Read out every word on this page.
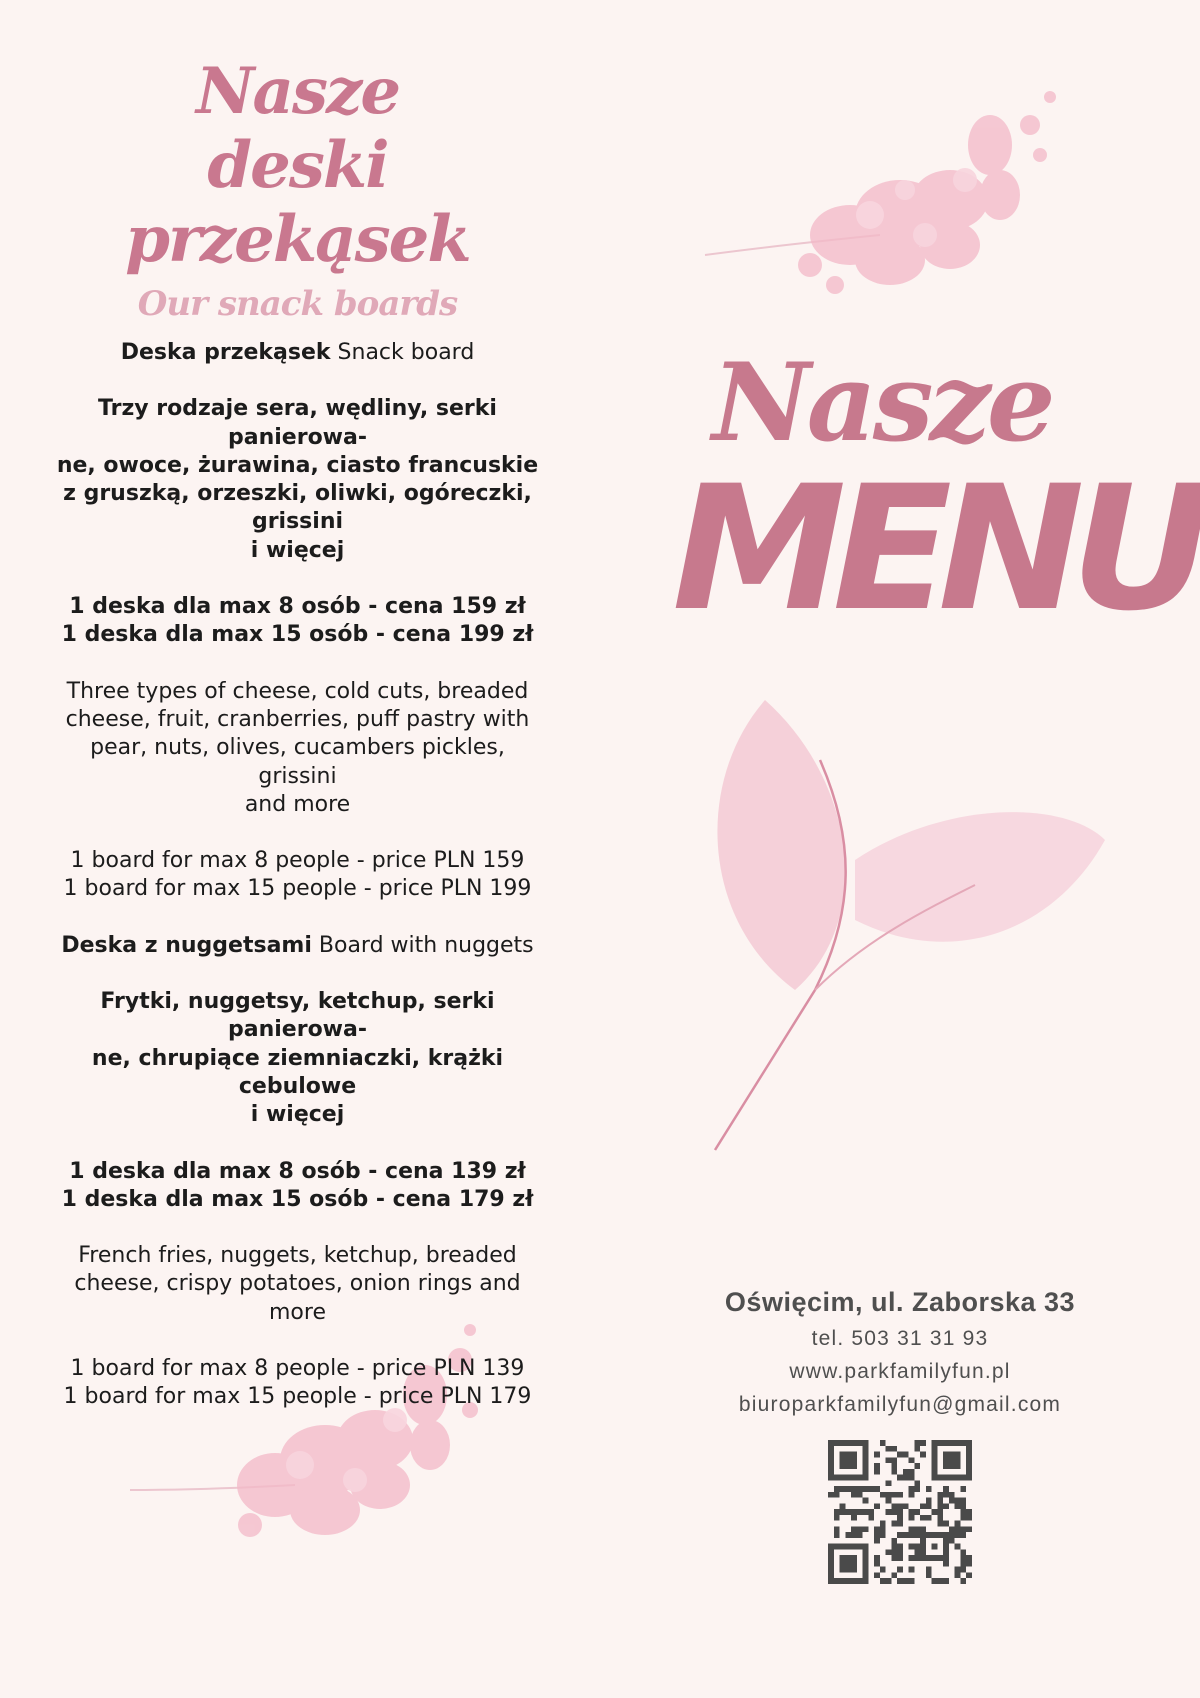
Nasze

deski przekąsek

Our snack boards

Deska przekąsek Snack board

Trzy rodzaje sera, wędliny, serki panierowa-

ne, owoce, żurawina, ciasto francuskie

z gruszką, orzeszki, oliwki, ogóreczki, grissini

i więcej

1 deska dla max 8 osób - cena 159 zł

1 deska dla max 15 osób - cena 199 zł

Three types of cheese, cold cuts, breaded

cheese, fruit, cranberries, puff pastry with

pear, nuts, olives, cucambers pickles, grissini

and more

1 board for max 8 people - price PLN 159

1 board for max 15 people - price PLN 199

Deska z nuggetsami Board with nuggets

Frytki, nuggetsy, ketchup, serki panierowa-

ne, chrupiące ziemniaczki, krążki cebulowe

i więcej

1 deska dla max 8 osób - cena 139 zł

1 deska dla max 15 osób - cena 179 zł

French fries, nuggets, ketchup, breaded

cheese, crispy potatoes, onion rings and more

1 board for max 8 people - price PLN 139

1 board for max 15 people - price PLN 179

Nasze
MENU
Oświęcim, ul. Zaborska 33
tel. 503 31 31 93
www.parkfamilyfun.pl
biuroparkfamilyfun@gmail.com
